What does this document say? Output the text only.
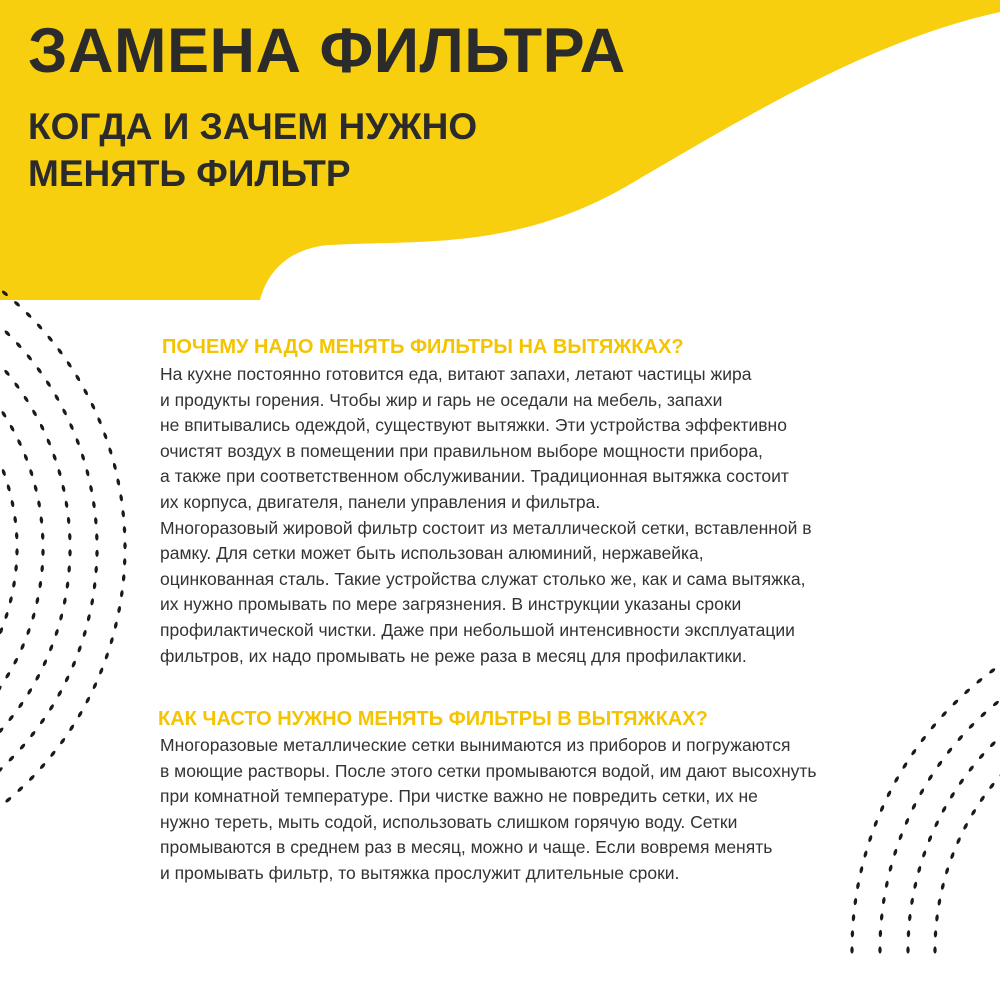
ЗАМЕНА ФИЛЬТРА
КОГДА И ЗАЧЕМ НУЖНО
МЕНЯТЬ ФИЛЬТР
ПОЧЕМУ НАДО МЕНЯТЬ ФИЛЬТРЫ НА ВЫТЯЖКАХ?
На кухне постоянно готовится еда, витают запахи, летают частицы жира
и продукты горения. Чтобы жир и гарь не оседали на мебель, запахи
не впитывались одеждой, существуют вытяжки. Эти устройства эффективно
очистят воздух в помещении при правильном выборе мощности прибора,
а также при соответственном обслуживании. Традиционная вытяжка состоит
их корпуса, двигателя, панели управления и фильтра.
Многоразовый жировой фильтр состоит из металлической сетки, вставленной в
рамку. Для сетки может быть использован алюминий, нержавейка,
оцинкованная сталь. Такие устройства служат столько же, как и сама вытяжка,
их нужно промывать по мере загрязнения. В инструкции указаны сроки
профилактической чистки. Даже при небольшой интенсивности эксплуатации
фильтров, их надо промывать не реже раза в месяц для профилактики.
КАК ЧАСТО НУЖНО МЕНЯТЬ ФИЛЬТРЫ В ВЫТЯЖКАХ?
Многоразовые металлические сетки вынимаются из приборов и погружаются
в моющие растворы. После этого сетки промываются водой, им дают высохнуть
при комнатной температуре. При чистке важно не повредить сетки, их не
нужно тереть, мыть содой, использовать слишком горячую воду. Сетки
промываются в среднем раз в месяц, можно и чаще. Если вовремя менять
и промывать фильтр, то вытяжка прослужит длительные сроки.
